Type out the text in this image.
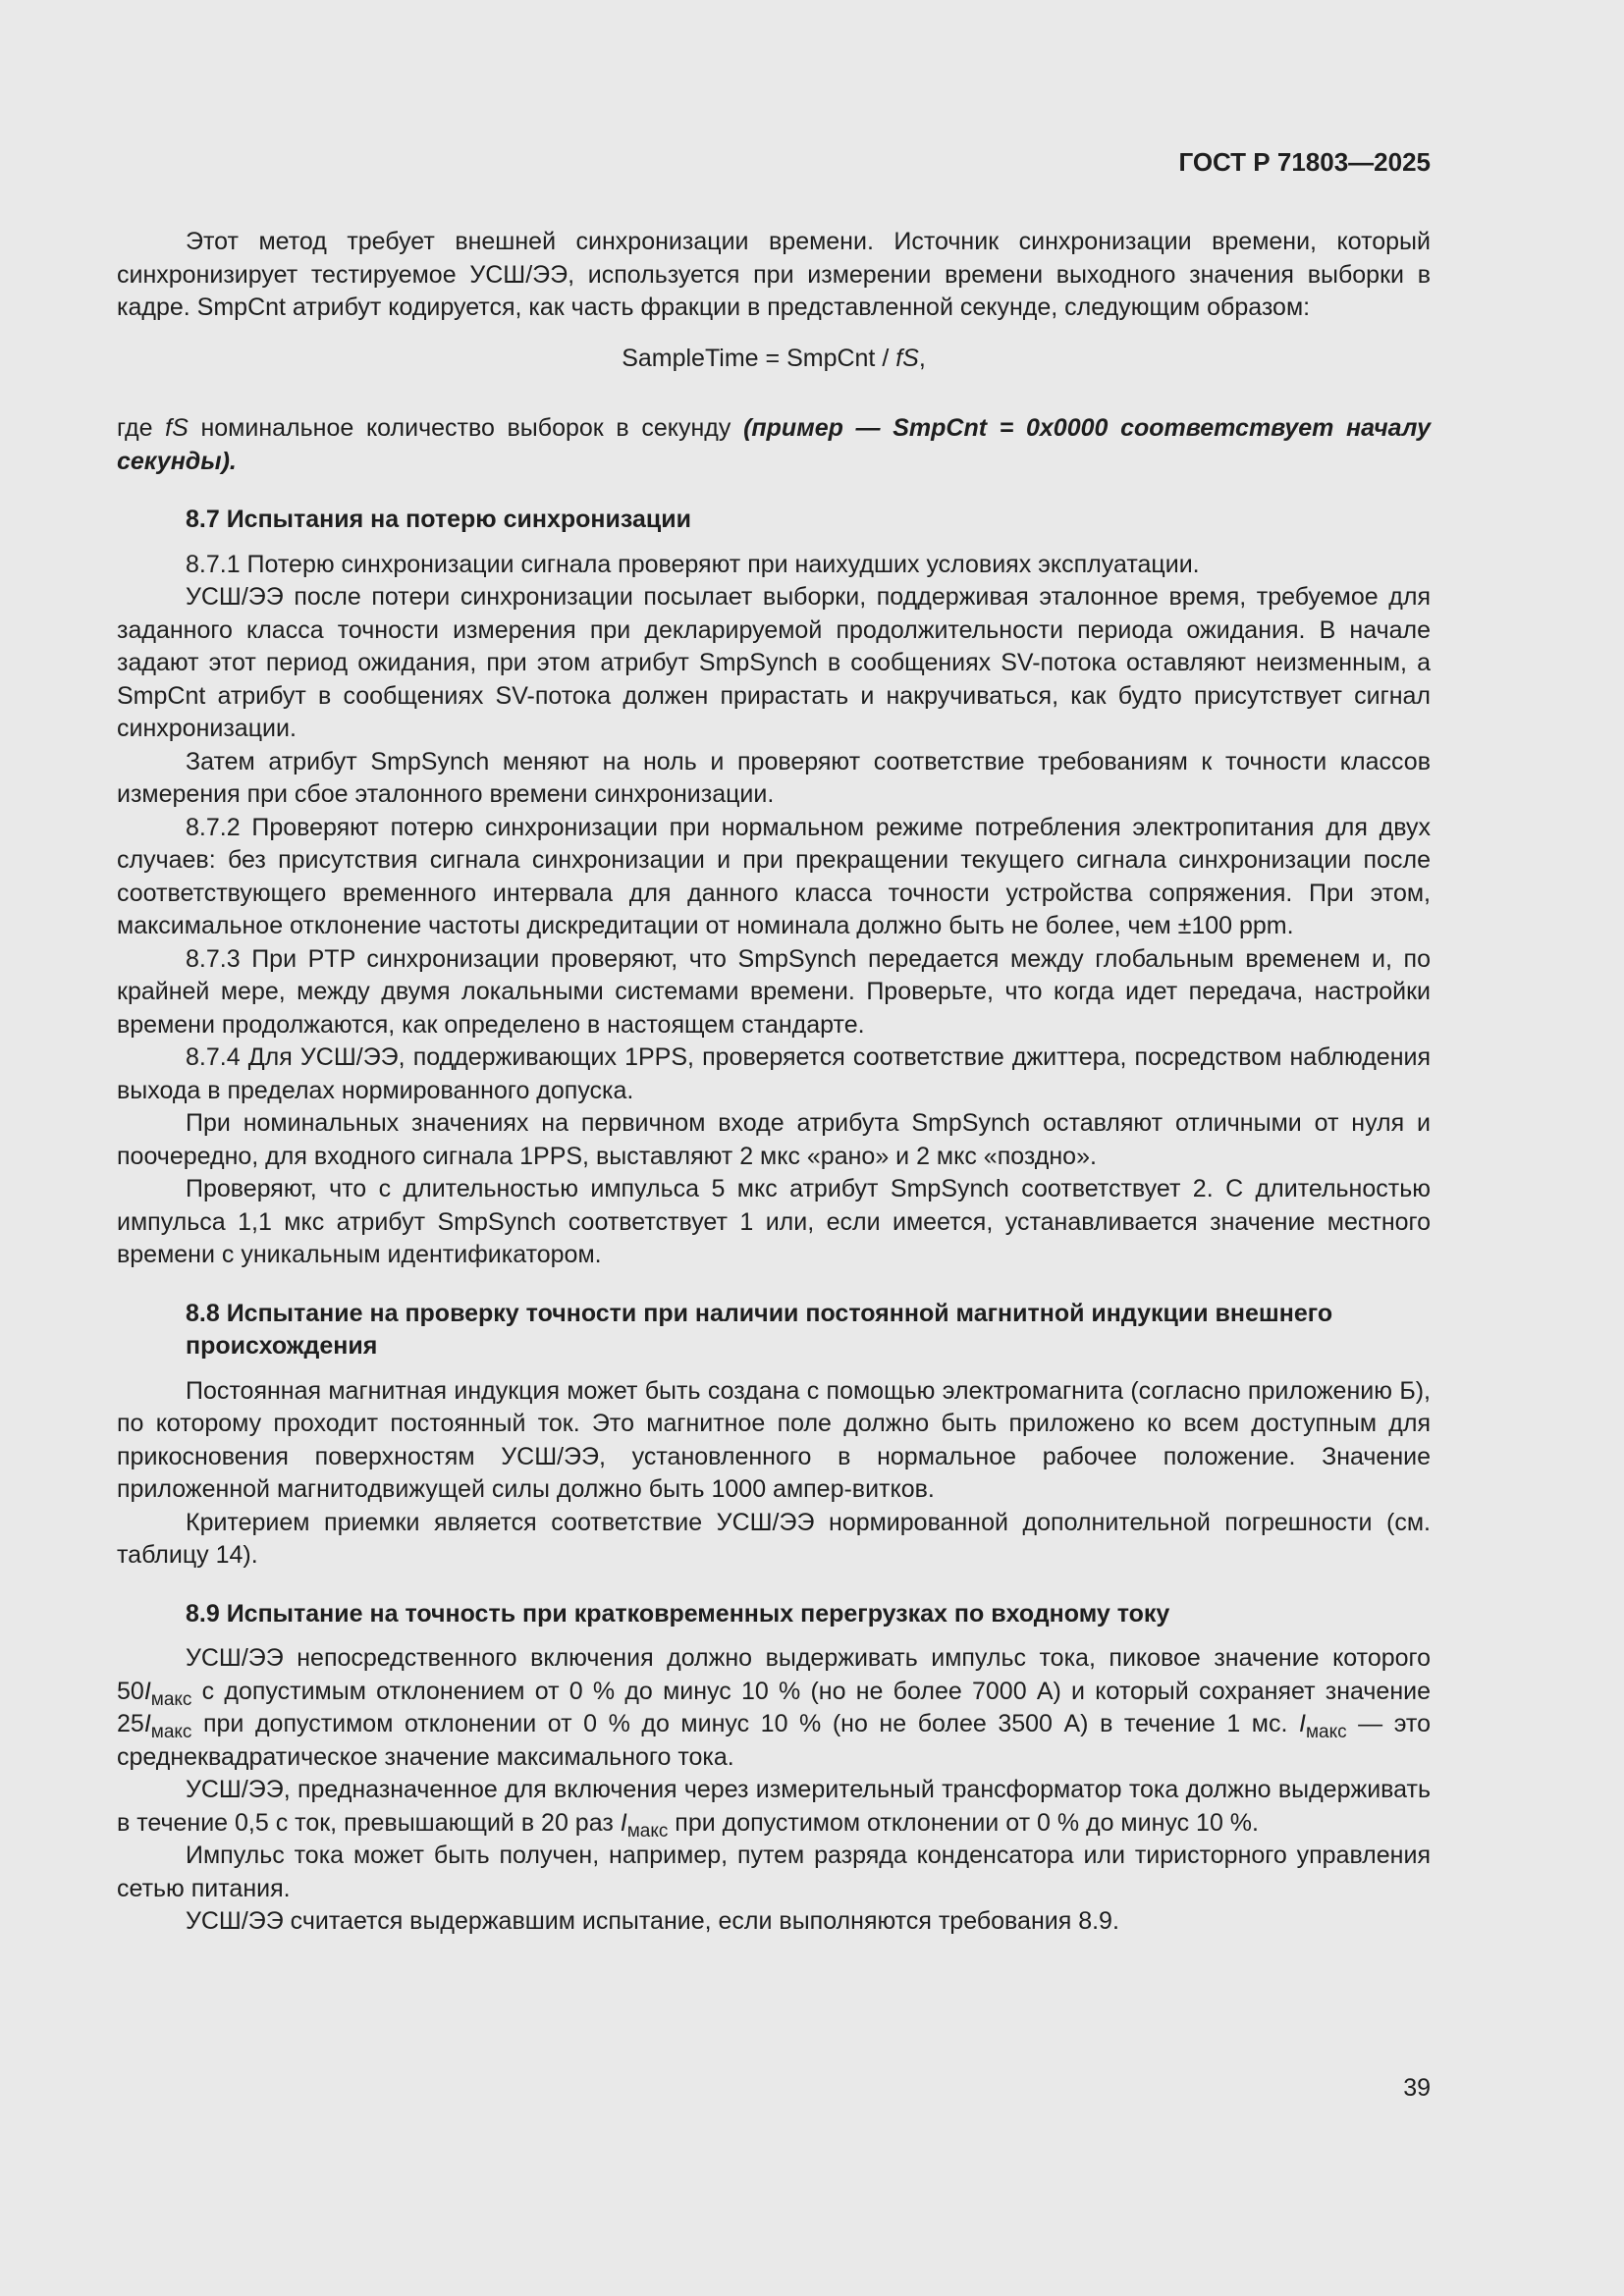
ГОСТ Р 71803—2025

Этот метод требует внешней синхронизации времени. Источник синхронизации времени, который синхронизирует тестируемое УСШ/ЭЭ, используется при измерении времени выходного значения выборки в кадре. SmpCnt атрибут кодируется, как часть фракции в представленной секунде, следующим образом:

SampleTime = SmpCnt / fS,

где fS номинальное количество выборок в секунду (пример — SmpCnt = 0x0000 соответствует началу секунды).

8.7 Испытания на потерю синхронизации

8.7.1 Потерю синхронизации сигнала проверяют при наихудших условиях эксплуатации.

УСШ/ЭЭ после потери синхронизации посылает выборки, поддерживая эталонное время, требуемое для заданного класса точности измерения при декларируемой продолжительности периода ожидания. В начале задают этот период ожидания, при этом атрибут SmpSynch в сообщениях SV-потока оставляют неизменным, а SmpCnt атрибут в сообщениях SV-потока должен прирастать и накручиваться, как будто присутствует сигнал синхронизации.

Затем атрибут SmpSynch меняют на ноль и проверяют соответствие требованиям к точности классов измерения при сбое эталонного времени синхронизации.

8.7.2 Проверяют потерю синхронизации при нормальном режиме потребления электропитания для двух случаев: без присутствия сигнала синхронизации и при прекращении текущего сигнала синхронизации после соответствующего временного интервала для данного класса точности устройства сопряжения. При этом, максимальное отклонение частоты дискредитации от номинала должно быть не более, чем ±100 ppm.

8.7.3 При PTP синхронизации проверяют, что SmpSynch передается между глобальным временем и, по крайней мере, между двумя локальными системами времени. Проверьте, что когда идет передача, настройки времени продолжаются, как определено в настоящем стандарте.

8.7.4 Для УСШ/ЭЭ, поддерживающих 1PPS, проверяется соответствие джиттера, посредством наблюдения выхода в пределах нормированного допуска.

При номинальных значениях на первичном входе атрибута SmpSynch оставляют отличными от нуля и поочередно, для входного сигнала 1PPS, выставляют 2 мкс «рано» и 2 мкс «поздно».

Проверяют, что с длительностью импульса 5 мкс атрибут SmpSynch соответствует 2. С длительностью импульса 1,1 мкс атрибут SmpSynch соответствует 1 или, если имеется, устанавливается значение местного времени с уникальным идентификатором.

8.8 Испытание на проверку точности при наличии постоянной магнитной индукции внешнего происхождения

Постоянная магнитная индукция может быть создана с помощью электромагнита (согласно приложению Б), по которому проходит постоянный ток. Это магнитное поле должно быть приложено ко всем доступным для прикосновения поверхностям УСШ/ЭЭ, установленного в нормальное рабочее положение. Значение приложенной магнитодвижущей силы должно быть 1000 ампер-витков.

Критерием приемки является соответствие УСШ/ЭЭ нормированной дополнительной погрешности (см. таблицу 14).

8.9 Испытание на точность при кратковременных перегрузках по входному току

УСШ/ЭЭ непосредственного включения должно выдерживать импульс тока, пиковое значение которого $50I_{макс}$ с допустимым отклонением от 0 % до минус 10 % (но не более 7000 А) и который сохраняет значение $25I_{макс}$ при допустимом отклонении от 0 % до минус 10 % (но не более 3500 А) в течение 1 мс. $I_{макс}$ — это среднеквадратическое значение максимального тока.

УСШ/ЭЭ, предназначенное для включения через измерительный трансформатор тока должно выдерживать в течение 0,5 с ток, превышающий в 20 раз $I_{макс}$ при допустимом отклонении от 0 % до минус 10 %.

Импульс тока может быть получен, например, путем разряда конденсатора или тиристорного управления сетью питания.

УСШ/ЭЭ считается выдержавшим испытание, если выполняются требования 8.9.

39
